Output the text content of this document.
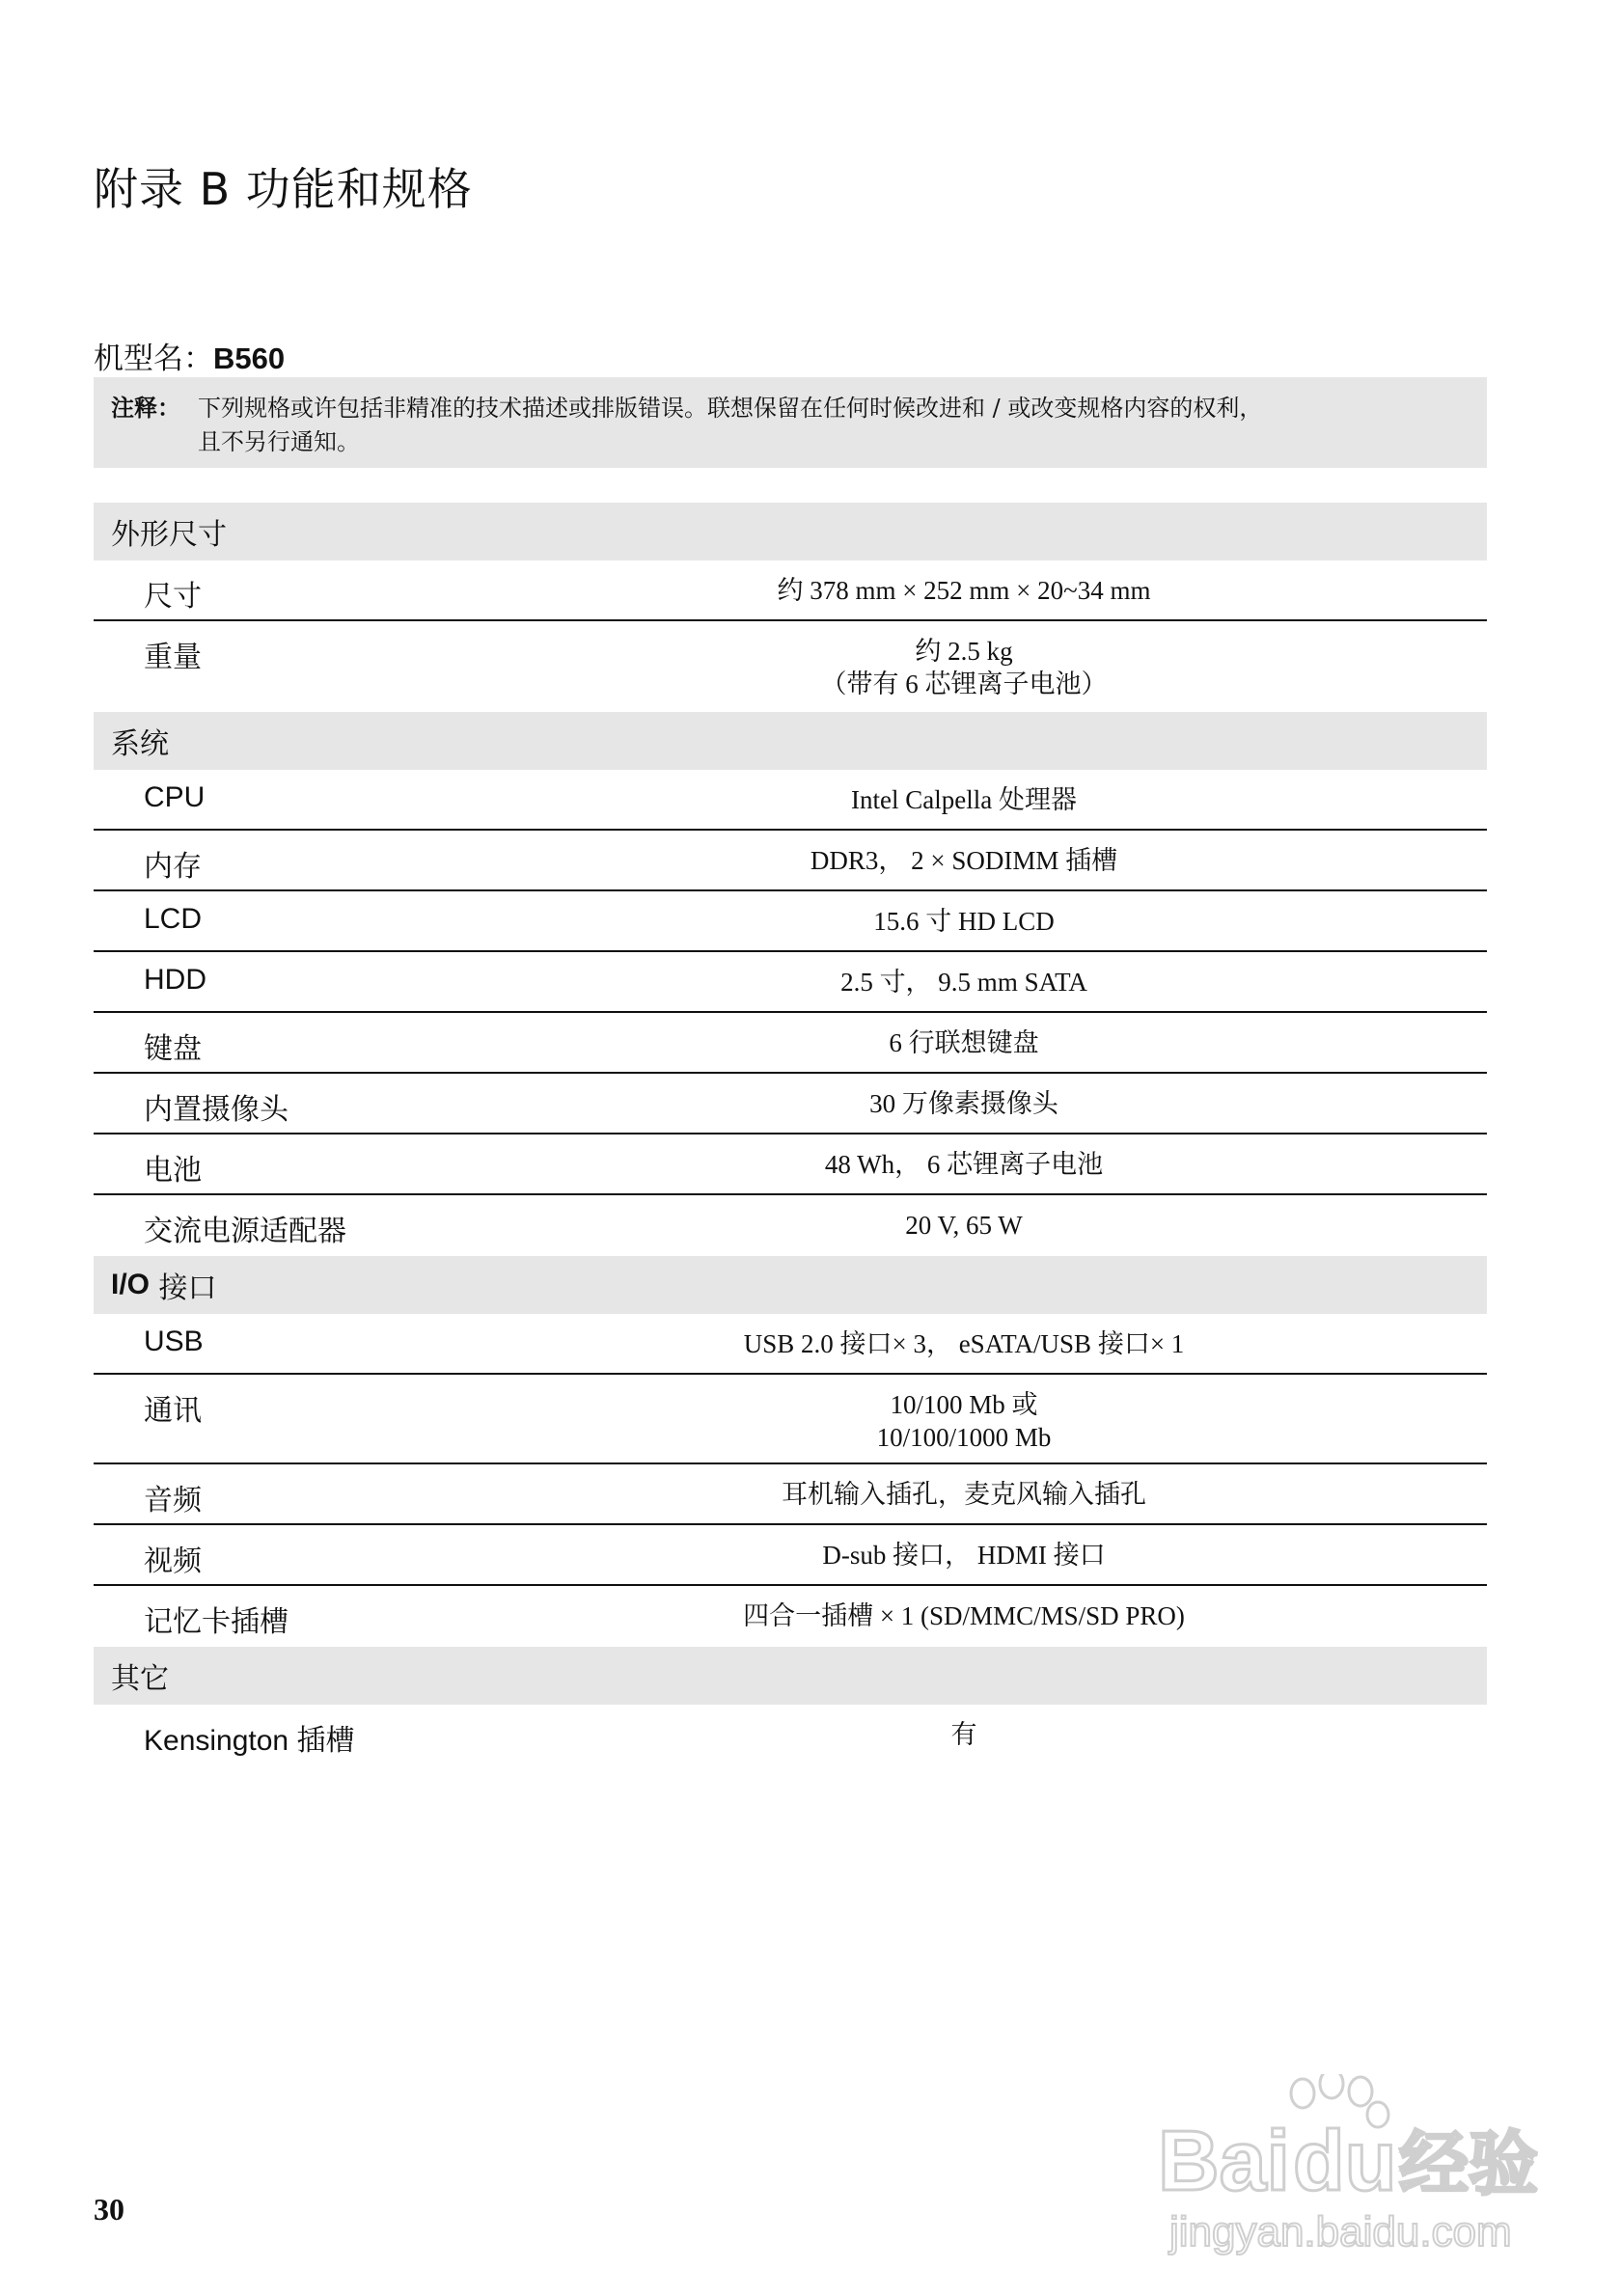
附录 B 功能和规格
机型名：B560
注释： 下列规格或许包括非精准的技术描述或排版错误。联想保留在任何时候改进和 / 或改变规格内容的权利，
且不另行通知。
外形尺寸
尺寸	约 378 mm × 252 mm × 20~34 mm
重量	约 2.5 kg
（带有 6 芯锂离子电池）
系统
CPU	Intel Calpella 处理器
内存	DDR3， 2 × SODIMM 插槽
LCD	15.6 寸 HD LCD
HDD	2.5 寸， 9.5 mm SATA
键盘	6 行联想键盘
内置摄像头	30 万像素摄像头
电池	48 Wh， 6 芯锂离子电池
交流电源适配器	20 V, 65 W
I/O 接口
USB	USB 2.0 接口× 3， eSATA/USB 接口× 1
通讯	10/100 Mb 或
10/100/1000 Mb
音频	耳机输入插孔，麦克风输入插孔
视频	D-sub 接口， HDMI 接口
记忆卡插槽	四合一插槽 × 1 (SD/MMC/MS/SD PRO)
其它
Kensington 插槽	有
30
Bai du 经验
jingyan.baidu.com
